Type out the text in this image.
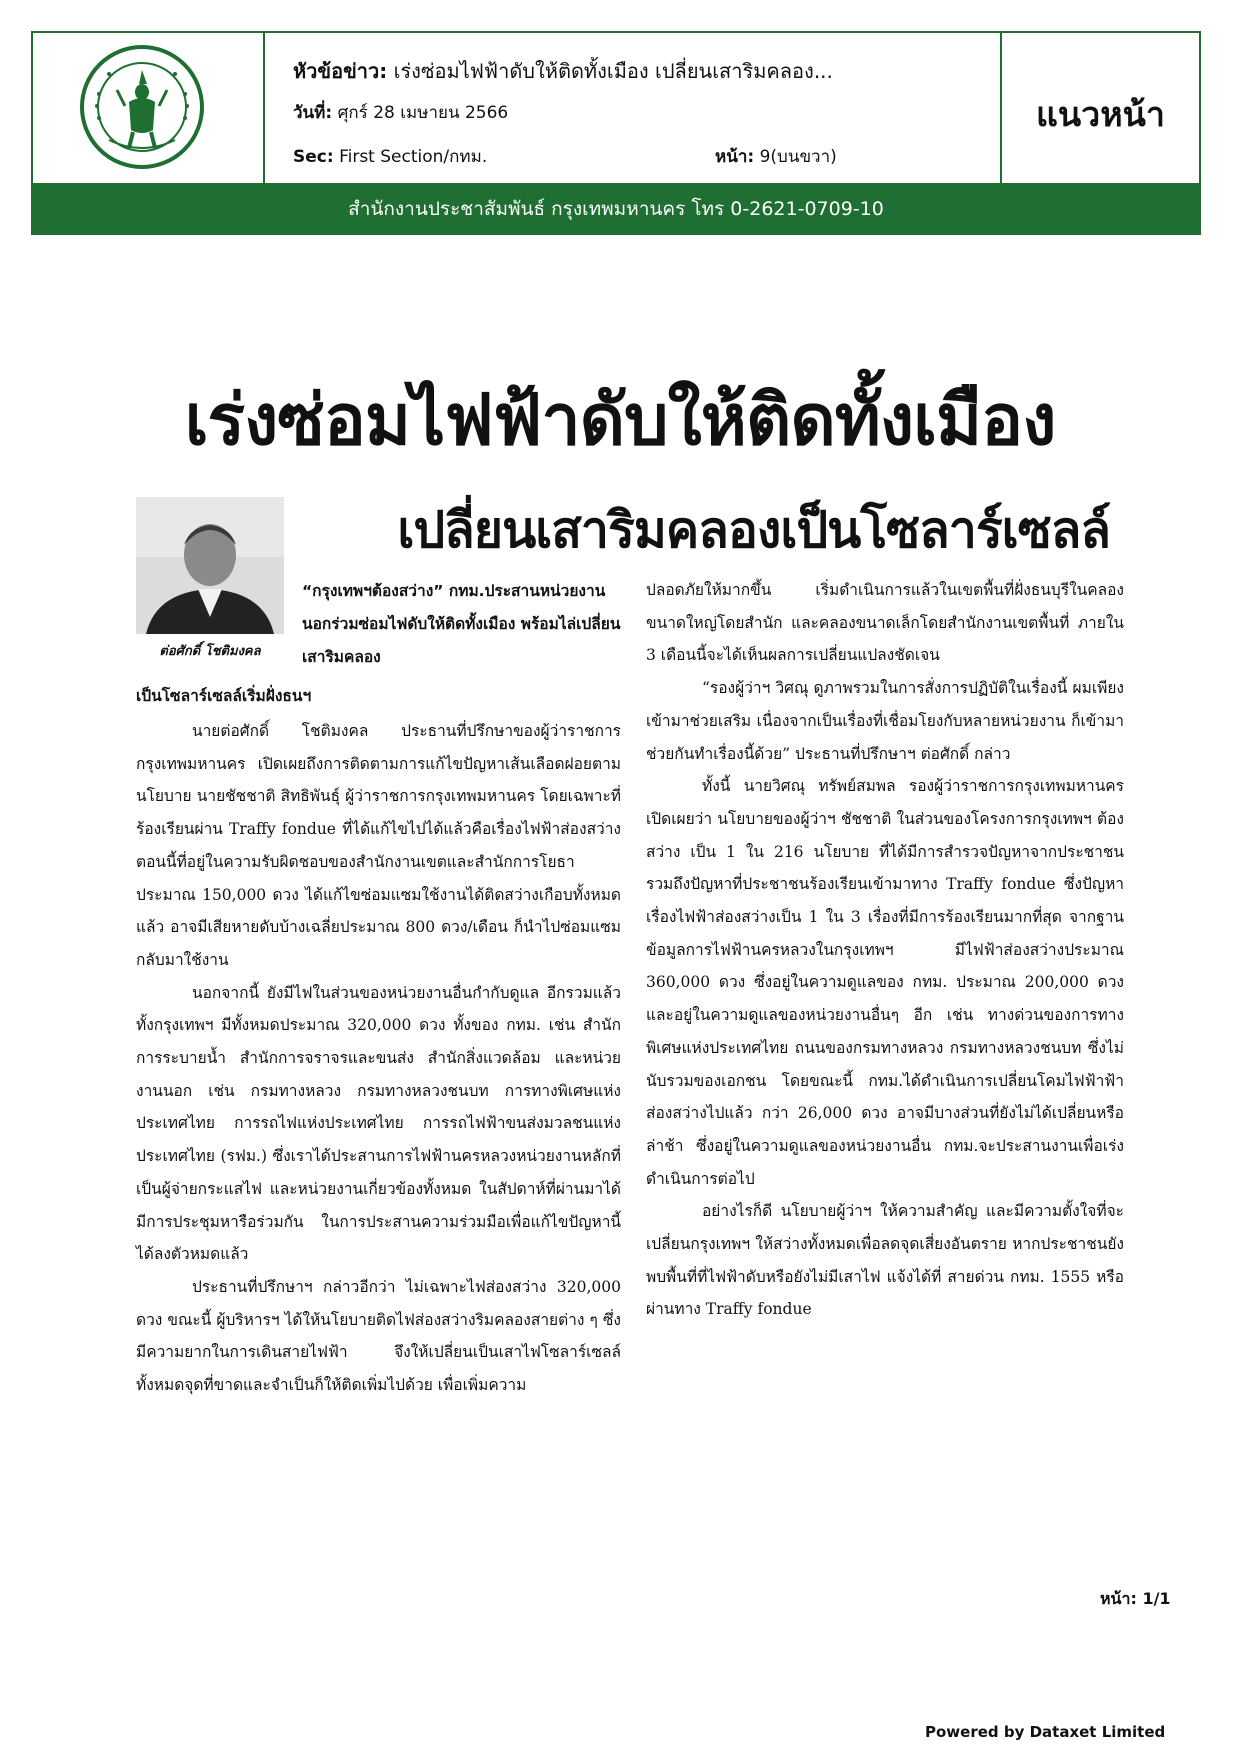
หัวข้อข่าว: เร่งซ่อมไฟฟ้าดับให้ติดทั้งเมือง เปลี่ยนเสาริมคลอง...
วันที่: ศุกร์ 28 เมษายน 2566
Sec: First Section/กทม.	หน้า: 9(บนขวา)
แนวหน้า
สำนักงานประชาสัมพันธ์ กรุงเทพมหานคร โทร 0-2621-0709-10
เร่งซ่อมไฟฟ้าดับให้ติดทั้งเมือง
เปลี่ยนเสาริมคลองเป็นโซลาร์เซลล์
ต่อศักดิ์ โชติมงคล
“กรุงเทพฯต้องสว่าง” กทม.ประสานหน่วยงานนอกร่วมซ่อมไฟดับให้ติดทั้งเมือง พร้อมไล่เปลี่ยนเสาริมคลอง
เป็นโซลาร์เซลล์เริ่มฝั่งธนฯ

นายต่อศักดิ์ โชติมงคล ประธานที่ปรึกษาของผู้ว่าราชการกรุงเทพมหานคร เปิดเผยถึงการติดตามการแก้ไขปัญหาเส้นเลือดฝอยตามนโยบาย นายชัชชาติ สิทธิพันธุ์ ผู้ว่าราชการกรุงเทพมหานคร โดยเฉพาะที่ร้องเรียนผ่าน Traffy fondue ที่ได้แก้ไขไปได้แล้วคือเรื่องไฟฟ้าส่องสว่าง ตอนนี้ที่อยู่ในความรับผิดชอบของสำนักงานเขตและสำนักการโยธา ประมาณ 150,000 ดวง ได้แก้ไขซ่อมแซมใช้งานได้ติดสว่างเกือบทั้งหมดแล้ว อาจมีเสียหายดับบ้างเฉลี่ยประมาณ 800 ดวง/เดือน ก็นำไปซ่อมแซมกลับมาใช้งาน

นอกจากนี้ ยังมีไฟในส่วนของหน่วยงานอื่นกำกับดูแล อีกรวมแล้วทั้งกรุงเทพฯ มีทั้งหมดประมาณ 320,000 ดวง ทั้งของ กทม. เช่น สำนักการระบายน้ำ สำนักการจราจรและขนส่ง สำนักสิ่งแวดล้อม และหน่วยงานนอก เช่น กรมทางหลวง กรมทางหลวงชนบท การทางพิเศษแห่งประเทศไทย การรถไฟแห่งประเทศไทย การรถไฟฟ้าขนส่งมวลชนแห่งประเทศไทย (รฟม.) ซึ่งเราได้ประสานการไฟฟ้านครหลวงหน่วยงานหลักที่เป็นผู้จ่ายกระแสไฟ และหน่วยงานเกี่ยวข้องทั้งหมด ในสัปดาห์ที่ผ่านมาได้มีการประชุมหารือร่วมกัน ในการประสานความร่วมมือเพื่อแก้ไขปัญหานี้ได้ลงตัวหมดแล้ว

ประธานที่ปรึกษาฯ กล่าวอีกว่า ไม่เฉพาะไฟส่องสว่าง 320,000 ดวง ขณะนี้ ผู้บริหารฯ ได้ให้นโยบายติดไฟส่องสว่างริมคลองสายต่าง ๆ ซึ่งมีความยากในการเดินสายไฟฟ้า จึงให้เปลี่ยนเป็นเสาไฟโซลาร์เซลล์ทั้งหมดจุดที่ขาดและจำเป็นก็ให้ติดเพิ่มไปด้วย เพื่อเพิ่มความ

ปลอดภัยให้มากขึ้น เริ่มดำเนินการแล้วในเขตพื้นที่ฝั่งธนบุรีในคลองขนาดใหญ่โดยสำนัก และคลองขนาดเล็กโดยสำนักงานเขตพื้นที่ ภายใน 3 เดือนนี้จะได้เห็นผลการเปลี่ยนแปลงชัดเจน

“รองผู้ว่าฯ วิศณุ ดูภาพรวมในการสั่งการปฏิบัติในเรื่องนี้ ผมเพียงเข้ามาช่วยเสริม เนื่องจากเป็นเรื่องที่เชื่อมโยงกับหลายหน่วยงาน ก็เข้ามาช่วยกันทำเรื่องนี้ด้วย” ประธานที่ปรึกษาฯ ต่อศักดิ์ กล่าว

ทั้งนี้ นายวิศณุ ทรัพย์สมพล รองผู้ว่าราชการกรุงเทพมหานคร เปิดเผยว่า นโยบายของผู้ว่าฯ ชัชชาติ ในส่วนของโครงการกรุงเทพฯ ต้องสว่าง เป็น 1 ใน 216 นโยบาย ที่ได้มีการสำรวจปัญหาจากประชาชน รวมถึงปัญหาที่ประชาชนร้องเรียนเข้ามาทาง Traffy fondue ซึ่งปัญหาเรื่องไฟฟ้าส่องสว่างเป็น 1 ใน 3 เรื่องที่มีการร้องเรียนมากที่สุด จากฐานข้อมูลการไฟฟ้านครหลวงในกรุงเทพฯ มีไฟฟ้าส่องสว่างประมาณ 360,000 ดวง ซึ่งอยู่ในความดูแลของ กทม. ประมาณ 200,000 ดวง และอยู่ในความดูแลของหน่วยงานอื่นๆ อีก เช่น ทางด่วนของการทางพิเศษแห่งประเทศไทย ถนนของกรมทางหลวง กรมทางหลวงชนบท ซึ่งไม่นับรวมของเอกชน โดยขณะนี้ กทม.ได้ดำเนินการเปลี่ยนโคมไฟฟ้าฟ้าส่องสว่างไปแล้ว กว่า 26,000 ดวง อาจมีบางส่วนที่ยังไม่ได้เปลี่ยนหรือล่าช้า ซึ่งอยู่ในความดูแลของหน่วยงานอื่น กทม.จะประสานงานเพื่อเร่งดำเนินการต่อไป

อย่างไรก็ดี นโยบายผู้ว่าฯ ให้ความสำคัญ และมีความตั้งใจที่จะเปลี่ยนกรุงเทพฯ ให้สว่างทั้งหมดเพื่อลดจุดเสี่ยงอันตราย หากประชาชนยังพบพื้นที่ที่ไฟฟ้าดับหรือยังไม่มีเสาไฟ แจ้งได้ที่ สายด่วน กทม. 1555 หรือผ่านทาง Traffy fondue

หน้า: 1/1
Powered by Dataxet Limited
